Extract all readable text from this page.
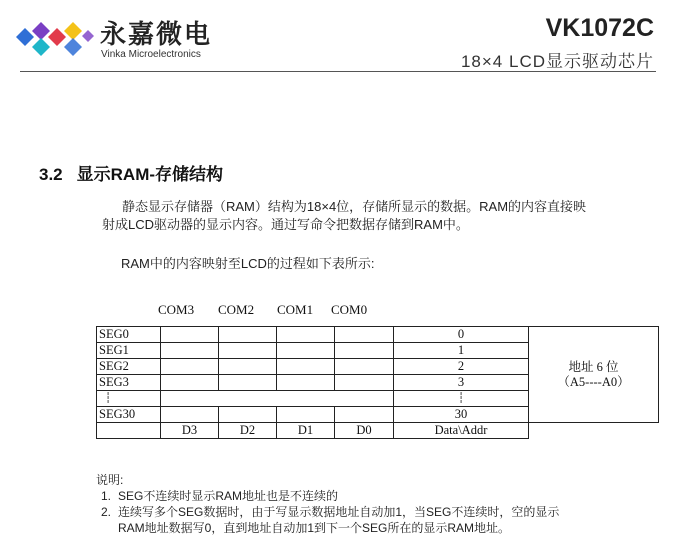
永嘉微电
Vinka Microelectronics
VK1072C
18×4 LCD显示驱动芯片
3.2 显示RAM-存储结构
静态显示存储器（RAM）结构为18×4位，存储所显示的数据。RAM的内容直接映
射成LCD驱动器的显示内容。通过写命令把数据存储到RAM中。
RAM中的内容映射至LCD的过程如下表所示:
COM3 COM2 COM1 COM0
SEG0					0	地址 6 位
（A5----A0）

SEG1					1	
SEG2					2	
SEG3					3	
┆					┆	
SEG30					30	
	D3	D2	D1	D0	Data\Addr	
说明:
1. SEG不连续时显示RAM地址也是不连续的
2. 连续写多个SEG数据时，由于写显示数据地址自动加1，当SEG不连续时，空的显示
RAM地址数据写0，直到地址自动加1到下一个SEG所在的显示RAM地址。
